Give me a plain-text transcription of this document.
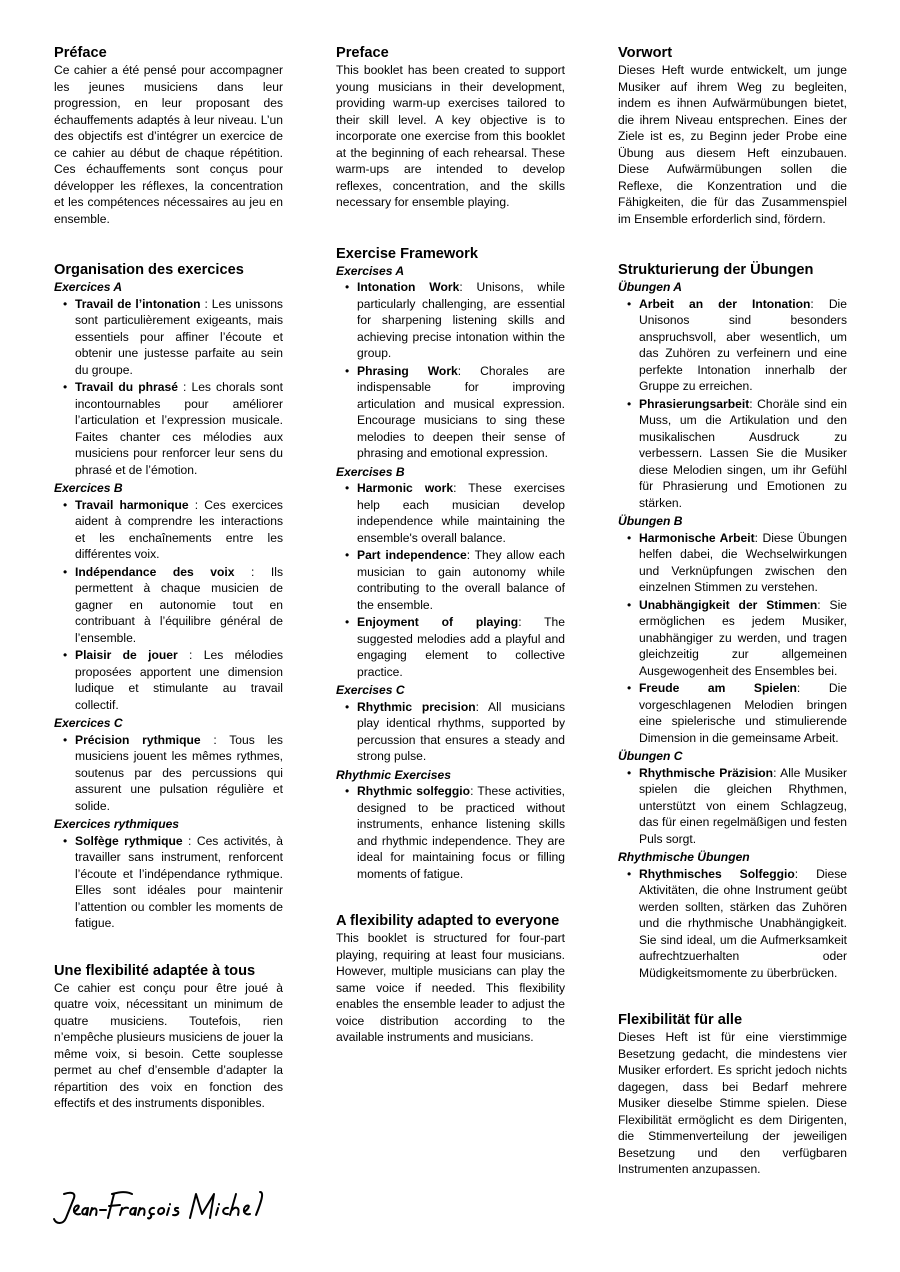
Préface

Ce cahier a été pensé pour accompagner les jeunes musiciens dans leur progression, en leur proposant des échauffements adaptés à leur niveau. L’un des objectifs est d’intégrer un exercice de ce cahier au début de chaque répétition. Ces échauffements sont conçus pour développer les réflexes, la concentration et les compétences nécessaires au jeu en ensemble.

Organisation des exercices
Exercices A
• Travail de l’intonation : Les unissons sont particulièrement exigeants, mais essentiels pour affiner l’écoute et obtenir une justesse parfaite au sein du groupe.
• Travail du phrasé : Les chorals sont incontournables pour améliorer l’articulation et l’expression musicale. Faites chanter ces mélodies aux musiciens pour renforcer leur sens du phrasé et de l’émotion.
Exercices B
• Travail harmonique : Ces exercices aident à comprendre les interactions et les enchaînements entre les différentes voix.
• Indépendance des voix : Ils permettent à chaque musicien de gagner en autonomie tout en contribuant à l’équilibre général de l’ensemble.
• Plaisir de jouer : Les mélodies proposées apportent une dimension ludique et stimulante au travail collectif.
Exercices C
• Précision rythmique : Tous les musiciens jouent les mêmes rythmes, soutenus par des percussions qui assurent une pulsation régulière et solide.
Exercices rythmiques
• Solfège rythmique : Ces activités, à travailler sans instrument, renforcent l’écoute et l’indépendance rythmique. Elles sont idéales pour maintenir l’attention ou combler les moments de fatigue.
Une flexibilité adaptée à tous

Ce cahier est conçu pour être joué à quatre voix, nécessitant un minimum de quatre musiciens. Toutefois, rien n’empêche plusieurs musiciens de jouer la même voix, si besoin. Cette souplesse permet au chef d’ensemble d’adapter la répartition des voix en fonction des effectifs et des instruments disponibles.

Preface

This booklet has been created to support young musicians in their development, providing warm-up exercises tailored to their skill level. A key objective is to incorporate one exercise from this booklet at the beginning of each rehearsal. These warm-ups are intended to develop reflexes, concentration, and the skills necessary for ensemble playing.

Exercise Framework
Exercises A
• Intonation Work: Unisons, while particularly challenging, are essential for sharpening listening skills and achieving precise intonation within the group.
• Phrasing Work: Chorales are indispensable for improving articulation and musical expression. Encourage musicians to sing these melodies to deepen their sense of phrasing and emotional expression.
Exercises B
• Harmonic work: These exercises help each musician develop independence while maintaining the ensemble's overall balance.
• Part independence: They allow each musician to gain autonomy while contributing to the overall balance of the ensemble.
• Enjoyment of playing: The suggested melodies add a playful and engaging element to collective practice.
Exercises C
• Rhythmic precision: All musicians play identical rhythms, supported by percussion that ensures a steady and strong pulse.
Rhythmic Exercises
• Rhythmic solfeggio: These activities, designed to be practiced without instruments, enhance listening skills and rhythmic independence. They are ideal for maintaining focus or filling moments of fatigue.
A flexibility adapted to everyone

This booklet is structured for four-part playing, requiring at least four musicians. However, multiple musicians can play the same voice if needed. This flexibility enables the ensemble leader to adjust the voice distribution according to the available instruments and musicians.

Vorwort

Dieses Heft wurde entwickelt, um junge Musiker auf ihrem Weg zu begleiten, indem es ihnen Aufwärmübungen bietet, die ihrem Niveau entsprechen. Eines der Ziele ist es, zu Beginn jeder Probe eine Übung aus diesem Heft einzubauen. Diese Aufwärmübungen sollen die Reflexe, die Konzentration und die Fähigkeiten, die für das Zusammenspiel im Ensemble erforderlich sind, fördern.

Strukturierung der Übungen
Übungen A
• Arbeit an der Intonation: Die Unisonos sind besonders anspruchsvoll, aber wesentlich, um das Zuhören zu verfeinern und eine perfekte Intonation innerhalb der Gruppe zu erreichen.
• Phrasierungsarbeit: Choräle sind ein Muss, um die Artikulation und den musikalischen Ausdruck zu verbessern. Lassen Sie die Musiker diese Melodien singen, um ihr Gefühl für Phrasierung und Emotionen zu stärken.
Übungen B
• Harmonische Arbeit: Diese Übungen helfen dabei, die Wechselwirkungen und Verknüpfungen zwischen den einzelnen Stimmen zu verstehen.
• Unabhängigkeit der Stimmen: Sie ermöglichen es jedem Musiker, unabhängiger zu werden, und tragen gleichzeitig zur allgemeinen Ausgewogenheit des Ensembles bei.
• Freude am Spielen: Die vorgeschlagenen Melodien bringen eine spielerische und stimulierende Dimension in die gemeinsame Arbeit.
Übungen C
• Rhythmische Präzision: Alle Musiker spielen die gleichen Rhythmen, unterstützt von einem Schlagzeug, das für einen regelmäßigen und festen Puls sorgt.
Rhythmische Übungen
• Rhythmisches Solfeggio: Diese Aktivitäten, die ohne Instrument geübt werden sollten, stärken das Zuhören und die rhythmische Unabhängigkeit. Sie sind ideal, um die Aufmerksamkeit aufrechtzuerhalten oder Müdigkeitsmomente zu überbrücken.
Flexibilität für alle

Dieses Heft ist für eine vierstimmige Besetzung gedacht, die mindestens vier Musiker erfordert. Es spricht jedoch nichts dagegen, dass bei Bedarf mehrere Musiker dieselbe Stimme spielen. Diese Flexibilität ermöglicht es dem Dirigenten, die Stimmenverteilung der jeweiligen Besetzung und den verfügbaren Instrumenten anzupassen.
